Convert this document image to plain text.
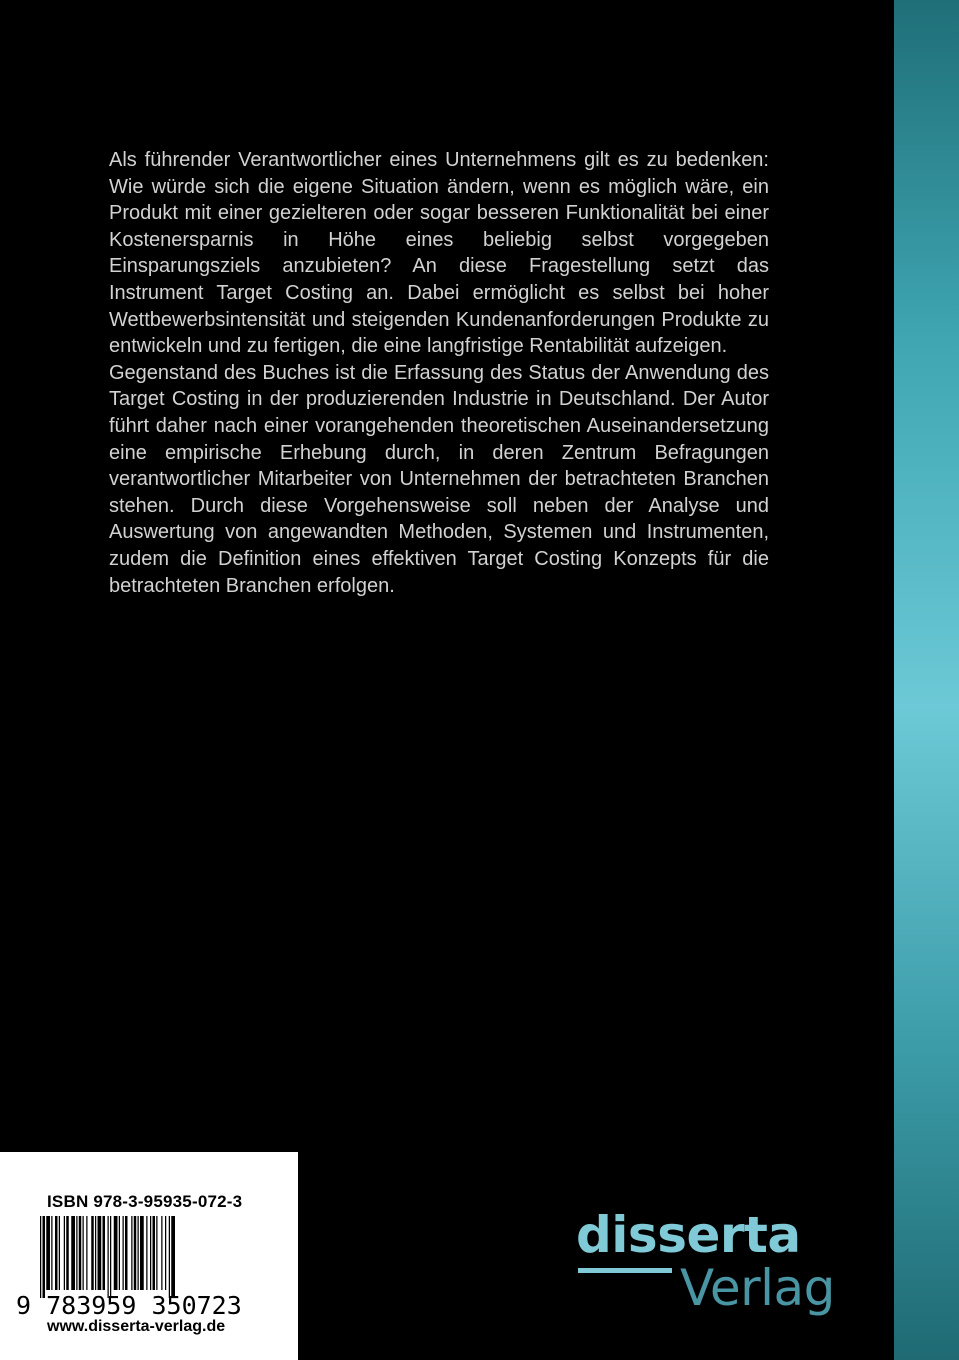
Als führender Verantwortlicher eines Unternehmens gilt es zu bedenken: Wie würde sich die eigene Situation ändern, wenn es möglich wäre, ein Produkt mit einer gezielteren oder sogar besseren Funktionalität bei einer Kostenersparnis in Höhe eines beliebig selbst vorgegeben Einsparungsziels anzubieten? An diese Fragestellung setzt das Instrument Target Costing an. Dabei ermöglicht es selbst bei hoher Wettbewerbsintensität und steigenden Kundenanforderungen Produkte zu entwickeln und zu fertigen, die eine langfristige Rentabilität aufzeigen.

Gegenstand des Buches ist die Erfassung des Status der Anwendung des Target Costing in der produzierenden Industrie in Deutschland. Der Autor führt daher nach einer vorangehenden theoretischen Auseinandersetzung eine empirische Erhebung durch, in deren Zentrum Befragungen verantwortlicher Mitarbeiter von Unternehmen der betrachteten Branchen stehen. Durch diese Vorgehensweise soll neben der Analyse und Auswertung von angewandten Methoden, Systemen und Instrumenten, zudem die Definition eines effektiven Target Costing Konzepts für die betrachteten Branchen erfolgen.

ISBN 978-3-95935-072-3
9 783959 350723
www.disserta-verlag.de
disserta
Verlag
